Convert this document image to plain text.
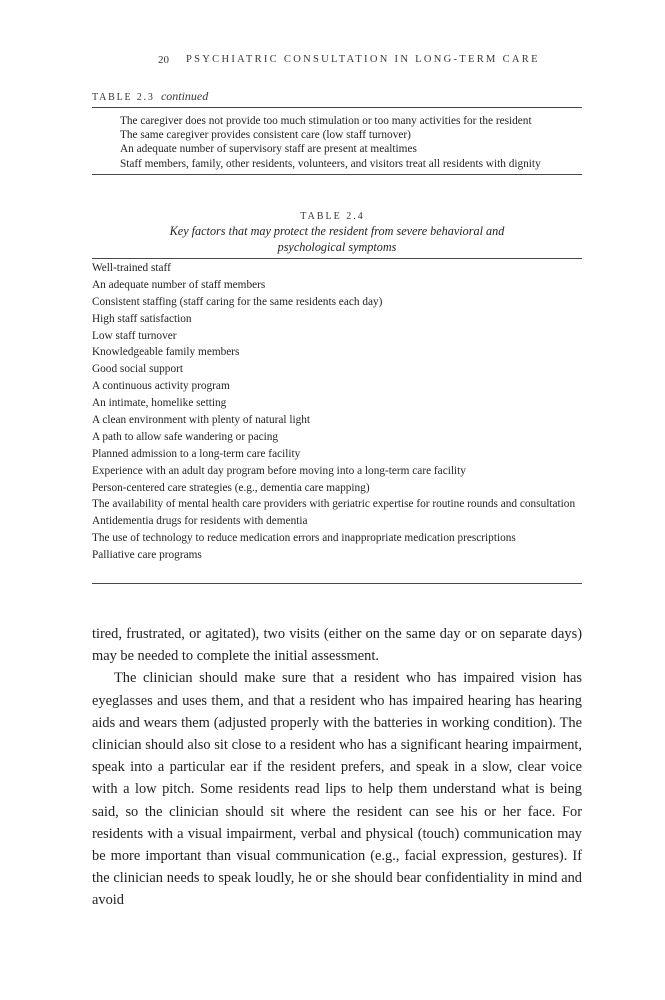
20 PSYCHIATRIC CONSULTATION IN LONG-TERM CARE
TABLE 2.3 continued
The caregiver does not provide too much stimulation or too many activities for the resident
The same caregiver provides consistent care (low staff turnover)
An adequate number of supervisory staff are present at mealtimes
Staff members, family, other residents, volunteers, and visitors treat all residents with dignity
TABLE 2.4
Key factors that may protect the resident from severe behavioral and
psychological symptoms
Well-trained staff
An adequate number of staff members
Consistent staffing (staff caring for the same residents each day)
High staff satisfaction
Low staff turnover
Knowledgeable family members
Good social support
A continuous activity program
An intimate, homelike setting
A clean environment with plenty of natural light
A path to allow safe wandering or pacing
Planned admission to a long-term care facility
Experience with an adult day program before moving into a long-term care facility
Person-centered care strategies (e.g., dementia care mapping)
The availability of mental health care providers with geriatric expertise for routine rounds and consultation
Antidementia drugs for residents with dementia
The use of technology to reduce medication errors and inappropriate medication prescriptions
Palliative care programs

tired, frustrated, or agitated), two visits (either on the same day or on separate days) may be needed to complete the initial assessment.

The clinician should make sure that a resident who has impaired vision has eyeglasses and uses them, and that a resident who has impaired hearing has hearing aids and wears them (adjusted properly with the batteries in working condition). The clinician should also sit close to a resident who has a significant hearing impairment, speak into a particular ear if the resident prefers, and speak in a slow, clear voice with a low pitch. Some residents read lips to help them understand what is being said, so the clinician should sit where the resident can see his or her face. For residents with a visual impairment, verbal and physical (touch) communication may be more important than visual communication (e.g., facial expression, gestures). If the clinician needs to speak loudly, he or she should bear confidentiality in mind and avoid
